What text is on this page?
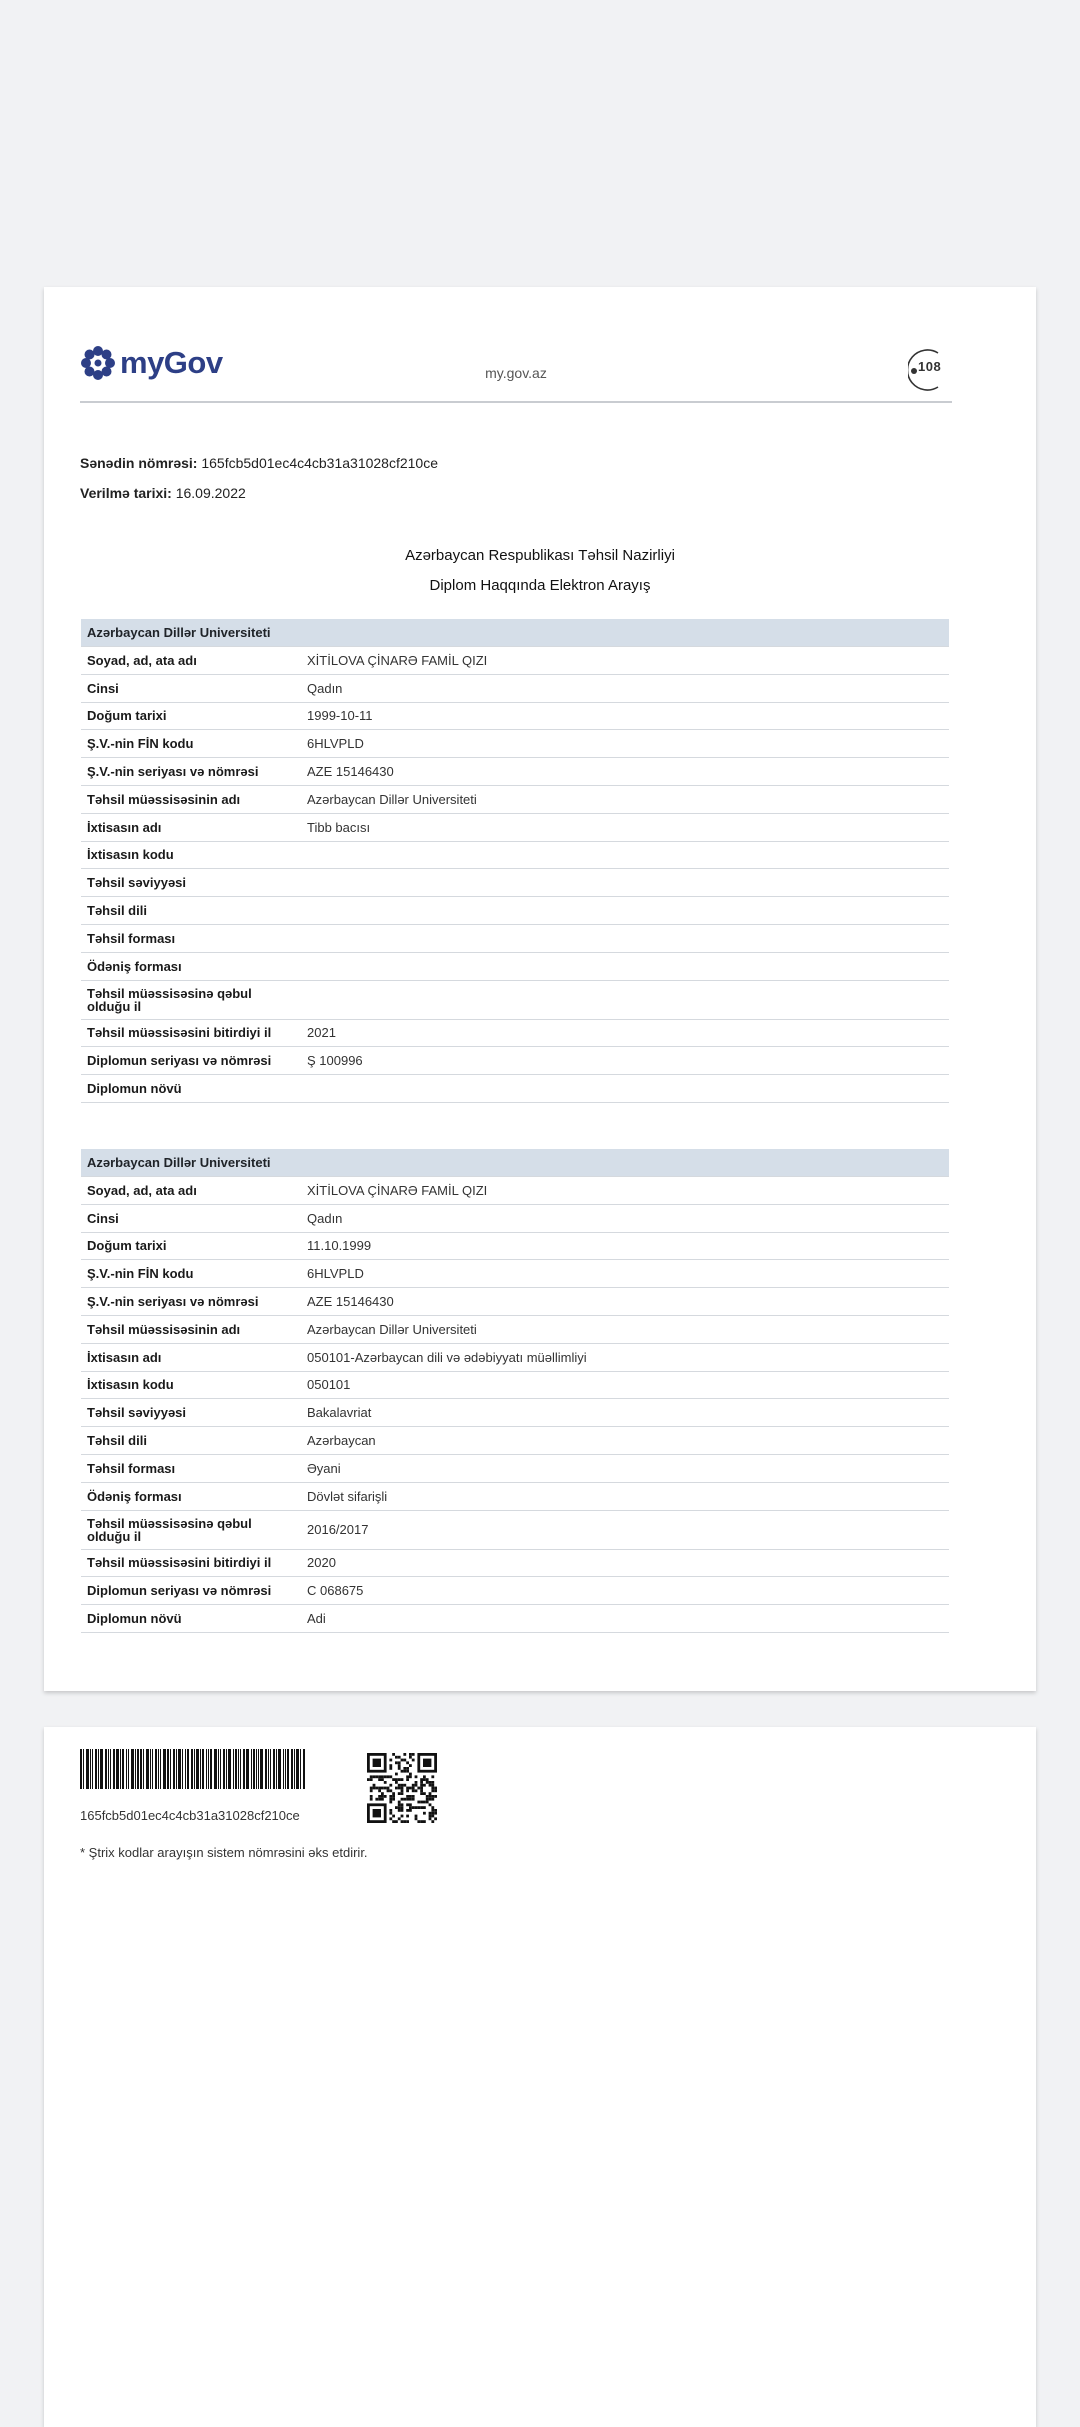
myGov	my.gov.az	108
Sənədin nömrəsi: 165fcb5d01ec4c4cb31a31028cf210ce
Verilmə tarixi: 16.09.2022
Azərbaycan Respublikası Təhsil Nazirliyi
Diplom Haqqında Elektron Arayış
Azərbaycan Dillər Universiteti	
Soyad, ad, ata adı	XİTİLOVA ÇİNARƏ FAMİL QIZI
Cinsi	Qadın
Doğum tarixi	1999-10-11
Ş.V.-nin FİN kodu	6HLVPLD
Ş.V.-nin seriyası və nömrəsi	AZE 15146430
Təhsil müəssisəsinin adı	Azərbaycan Dillər Universiteti
İxtisasın adı	Tibb bacısı
İxtisasın kodu	
Təhsil səviyyəsi	
Təhsil dili	
Təhsil forması	
Ödəniş forması	
Təhsil müəssisəsinə qəbul olduğu il	
Təhsil müəssisəsini bitirdiyi il	2021
Diplomun seriyası və nömrəsi	Ş 100996
Diplomun növü	
Azərbaycan Dillər Universiteti	
Soyad, ad, ata adı	XİTİLOVA ÇİNARƏ FAMİL QIZI
Cinsi	Qadın
Doğum tarixi	11.10.1999
Ş.V.-nin FİN kodu	6HLVPLD
Ş.V.-nin seriyası və nömrəsi	AZE 15146430
Təhsil müəssisəsinin adı	Azərbaycan Dillər Universiteti
İxtisasın adı	050101-Azərbaycan dili və ədəbiyyatı müəllimliyi
İxtisasın kodu	050101
Təhsil səviyyəsi	Bakalavriat
Təhsil dili	Azərbaycan
Təhsil forması	Əyani
Ödəniş forması	Dövlət sifarişli
Təhsil müəssisəsinə qəbul olduğu il	2016/2017
Təhsil müəssisəsini bitirdiyi il	2020
Diplomun seriyası və nömrəsi	C 068675
Diplomun növü	Adi
165fcb5d01ec4c4cb31a31028cf210ce
* Ştrix kodlar arayışın sistem nömrəsini əks etdirir.
